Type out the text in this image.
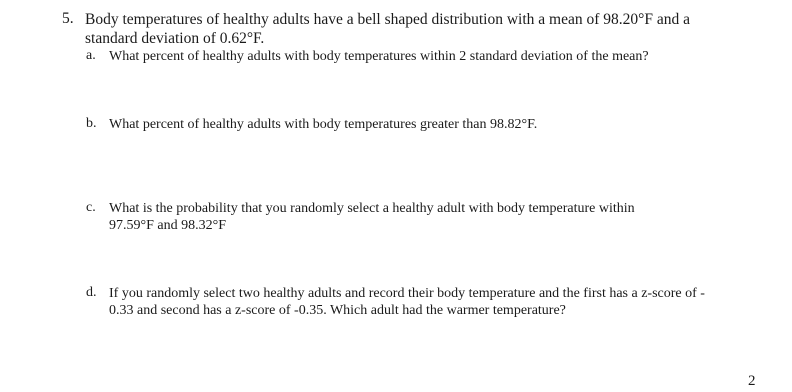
5. Body temperatures of healthy adults have a bell shaped distribution with a mean of 98.20°F and a
standard deviation of 0.62°F.
a. What percent of healthy adults with body temperatures within 2 standard deviation of the mean?
b. What percent of healthy adults with body temperatures greater than 98.82°F.
c. What is the probability that you randomly select a healthy adult with body temperature within
97.59°F and 98.32°F
d. If you randomly select two healthy adults and record their body temperature and the first has a z-score of -
0.33 and second has a z-score of -0.35. Which adult had the warmer temperature?
2
